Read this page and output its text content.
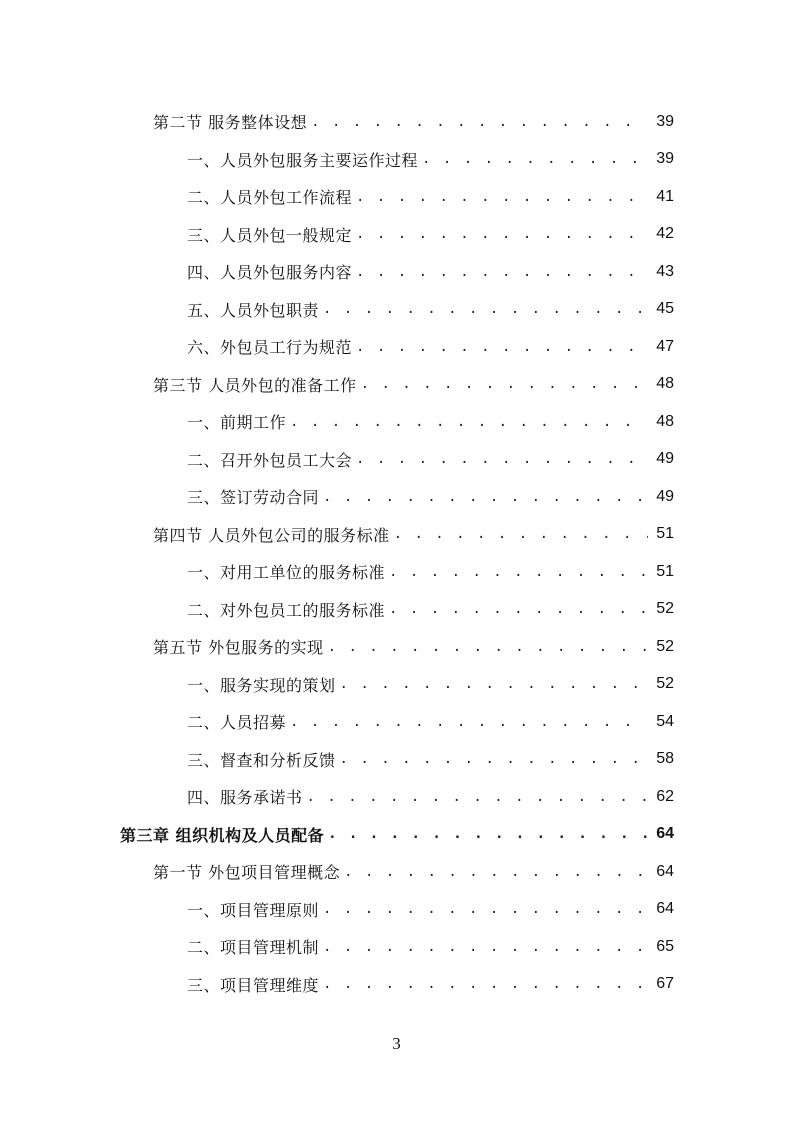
第二节 服务整体设想 . . .	39
一、人员外包服务主要运作过程 . . .	39
二、人员外包工作流程 . . .	41
三、人员外包一般规定 . . .	42
四、人员外包服务内容 . . .	43
五、人员外包职责 . . .	45
六、外包员工行为规范 . . .	47
第三节 人员外包的准备工作 . . .	48
一、前期工作 . . .	48
二、召开外包员工大会 . . .	49
三、签订劳动合同 . . .	49
第四节 人员外包公司的服务标准 . . .	51
一、对用工单位的服务标准 . . .	51
二、对外包员工的服务标准 . . .	52
第五节 外包服务的实现 . . .	52
一、服务实现的策划 . . .	52
二、人员招募 . . .	54
三、督查和分析反馈 . . .	58
四、服务承诺书 . . .	62
第三章 组织机构及人员配备 . . .	64
第一节 外包项目管理概念 . . .	64
一、项目管理原则 . . .	64
二、项目管理机制 . . .	65
三、项目管理维度 . . .	67
3
